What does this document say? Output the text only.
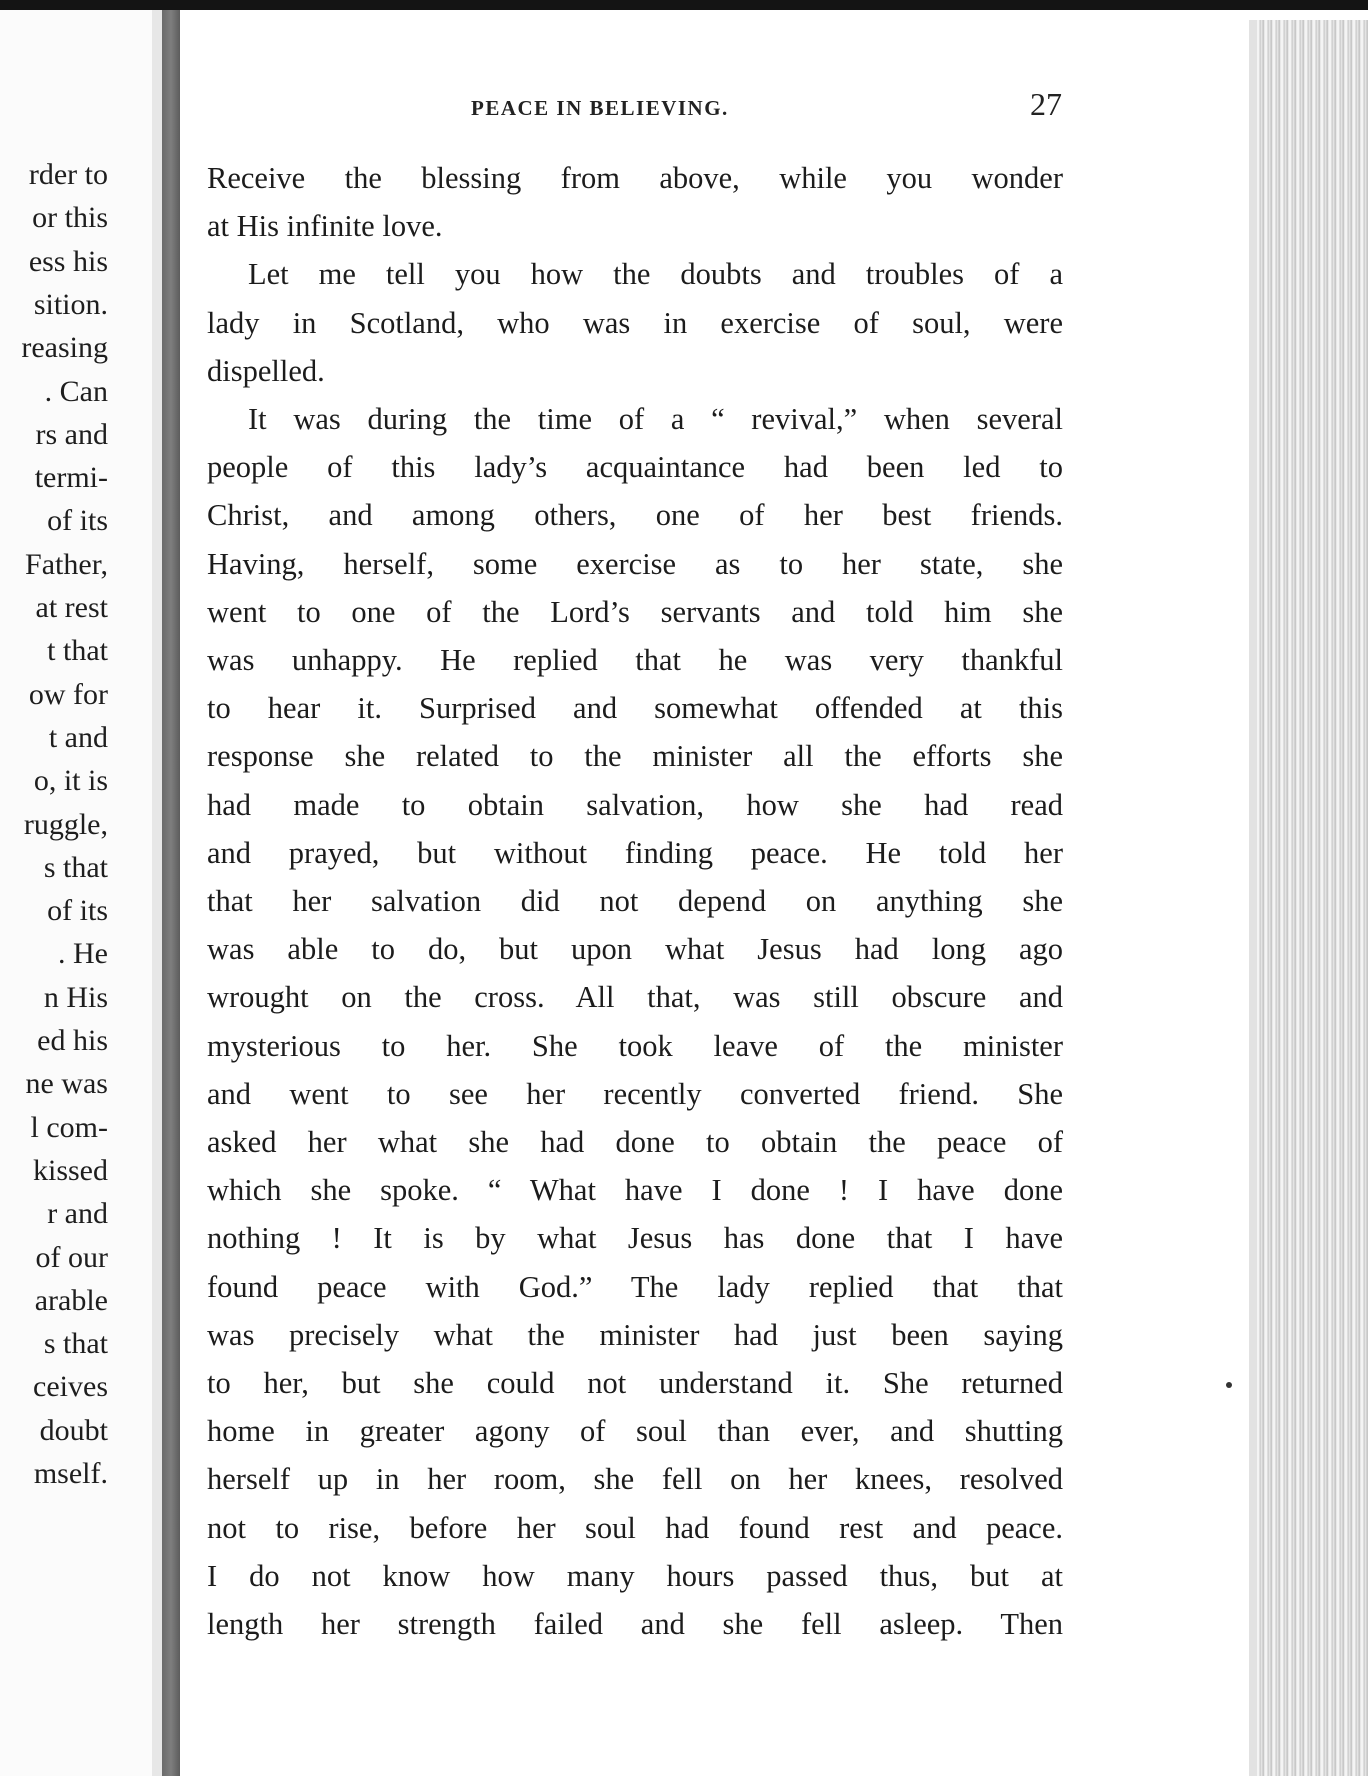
rder to
or this
ess his
sition.
reasing
. Can
rs and
termi-
of its
Father,
at rest
t that
ow for
t and
o, it is
ruggle,
s that
of its
. He
n His
ed his
ne was
l com-
kissed
r and
of our
arable
s that
ceives
doubt
mself.
PEACE IN BELIEVING.	27
Receive the blessing from above, while you wonder
at His infinite love.
Let me tell you how the doubts and troubles of a
lady in Scotland, who was in exercise of soul, were
dispelled.
It was during the time of a “ revival,” when several
people of this lady’s acquaintance had been led to
Christ, and among others, one of her best friends.
Having, herself, some exercise as to her state, she
went to one of the Lord’s servants and told him she
was unhappy. He replied that he was very thankful
to hear it. Surprised and somewhat offended at this
response she related to the minister all the efforts she
had made to obtain salvation, how she had read
and prayed, but without finding peace. He told her
that her salvation did not depend on anything she
was able to do, but upon what Jesus had long ago
wrought on the cross. All that, was still obscure and
mysterious to her. She took leave of the minister
and went to see her recently converted friend. She
asked her what she had done to obtain the peace of
which she spoke. “ What have I done ! I have done
nothing ! It is by what Jesus has done that I have
found peace with God.” The lady replied that that
was precisely what the minister had just been saying
to her, but she could not understand it. She returned
home in greater agony of soul than ever, and shutting
herself up in her room, she fell on her knees, resolved
not to rise, before her soul had found rest and peace.
I do not know how many hours passed thus, but at
length her strength failed and she fell asleep. Then
